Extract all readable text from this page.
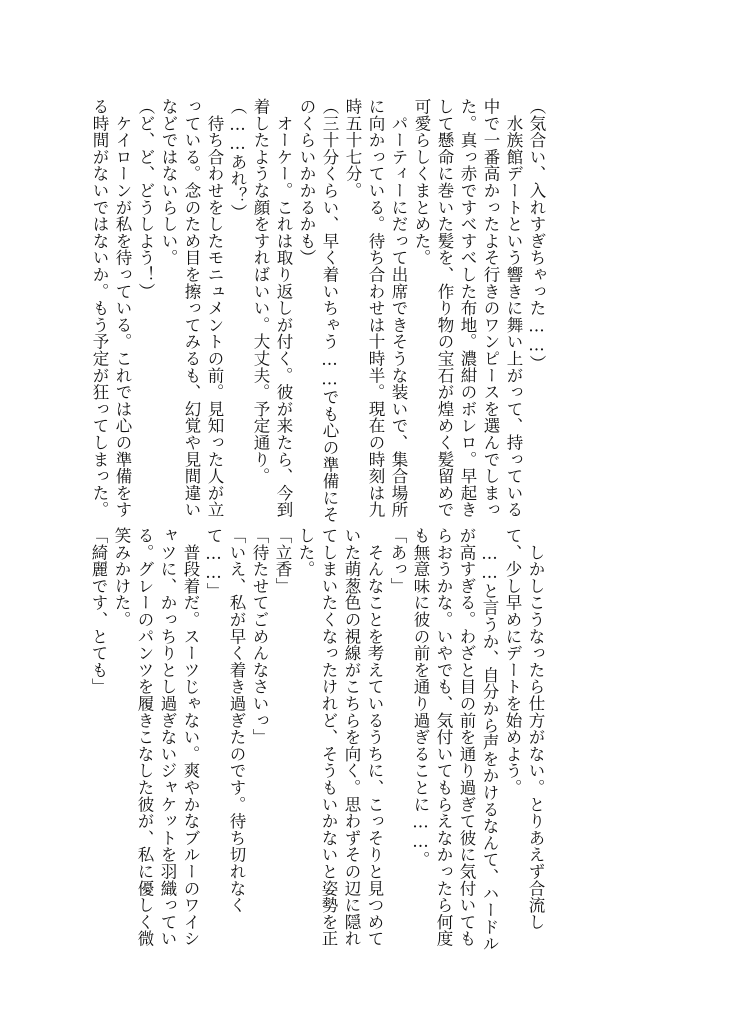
（気合い、入れすぎちゃった……）

　水族館デートという響きに舞い上がって、持っている

中で一番高かったよそ行きのワンピースを選んでしまっ

た。真っ赤ですべすべした布地。濃紺のボレロ。早起き

して懸命に巻いた髪を、作り物の宝石が煌めく髪留めで

可愛らしくまとめた。

　パーティーにだって出席できそうな装いで、集合場所

に向かっている。待ち合わせは十時半。現在の時刻は九

時五十七分。

（三十分くらい、早く着いちゃう……でも心の準備にそ

のくらいかかるかも）

　オーケー。これは取り返しが付く。彼が来たら、今到

着したような顔をすればいい。大丈夫。予定通り。

（……あれ？）

　待ち合わせをしたモニュメントの前。見知った人が立

っている。念のため目を擦ってみるも、幻覚や見間違い

などではないらしい。

（ど、ど、どうしよう！）

　ケイローンが私を待っている。これでは心の準備をす

る時間がないではないか。もう予定が狂ってしまった。

　しかしこうなったら仕方がない。とりあえず合流し

て、少し早めにデートを始めよう。

　……と言うか、自分から声をかけるなんて、ハードル

が高すぎる。わざと目の前を通り過ぎて彼に気付いても

らおうかな。いやでも、気付いてもらえなかったら何度

も無意味に彼の前を通り過ぎることに……。

「あっ」

　そんなことを考えているうちに、こっそりと見つめて

いた萌葱色の視線がこちらを向く。思わずその辺に隠れ

てしまいたくなったけれど、そうもいかないと姿勢を正

した。

「立香」

「待たせてごめんなさいっ」

「いえ、私が早く着き過ぎたのです。待ち切れなく

て……」

　普段着だ。スーツじゃない。爽やかなブルーのワイシ

ャツに、かっちりとし過ぎないジャケットを羽織ってい

る。グレーのパンツを履きこなした彼が、私に優しく微

笑みかけた。

「綺麗です、とても」
